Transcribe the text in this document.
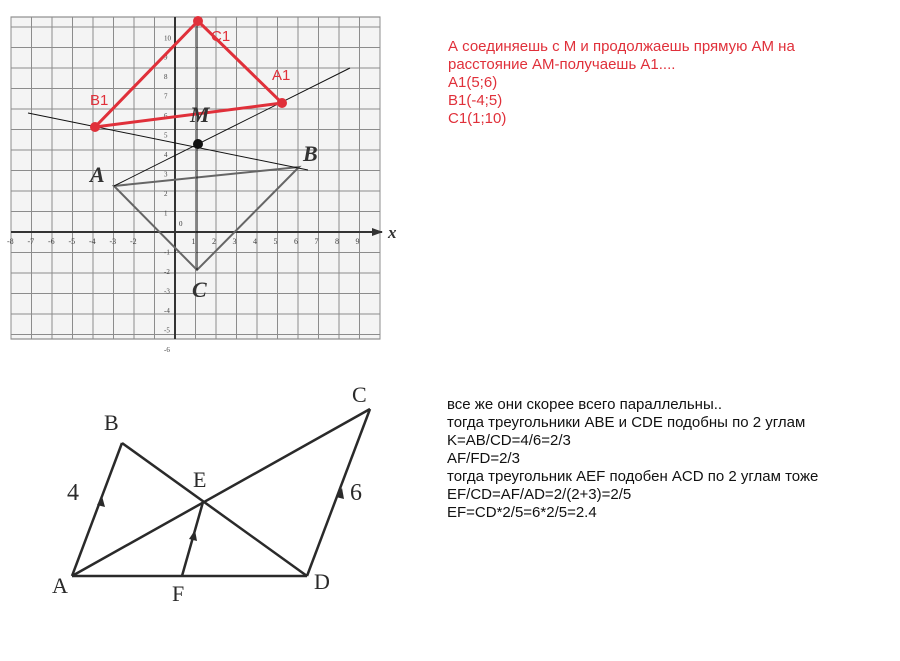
x
0
-8 -7 -6 -5 -4 -3 -2	1 2 3 4 5 6 7 8 9
10
9
8
7
6
5
4
3
2
1
-1
-2
-3
-4
-5
-6
A
B
C
M
A1
B1
C1
A
B
C
D
E
F
4	6
А соединяешь с М и продолжаешь прямую АМ на
расстояние АМ-получаешь А1....
A1(5;6)
B1(-4;5)
C1(1;10)
все же они скорее всего параллельны..
тогда треугольники ABE и CDE подобны по 2 углам
K=AB/CD=4/6=2/3
AF/FD=2/3
тогда треугольник AEF подобен ACD по 2 углам тоже
EF/CD=AF/AD=2/(2+3)=2/5
EF=CD*2/5=6*2/5=2.4
